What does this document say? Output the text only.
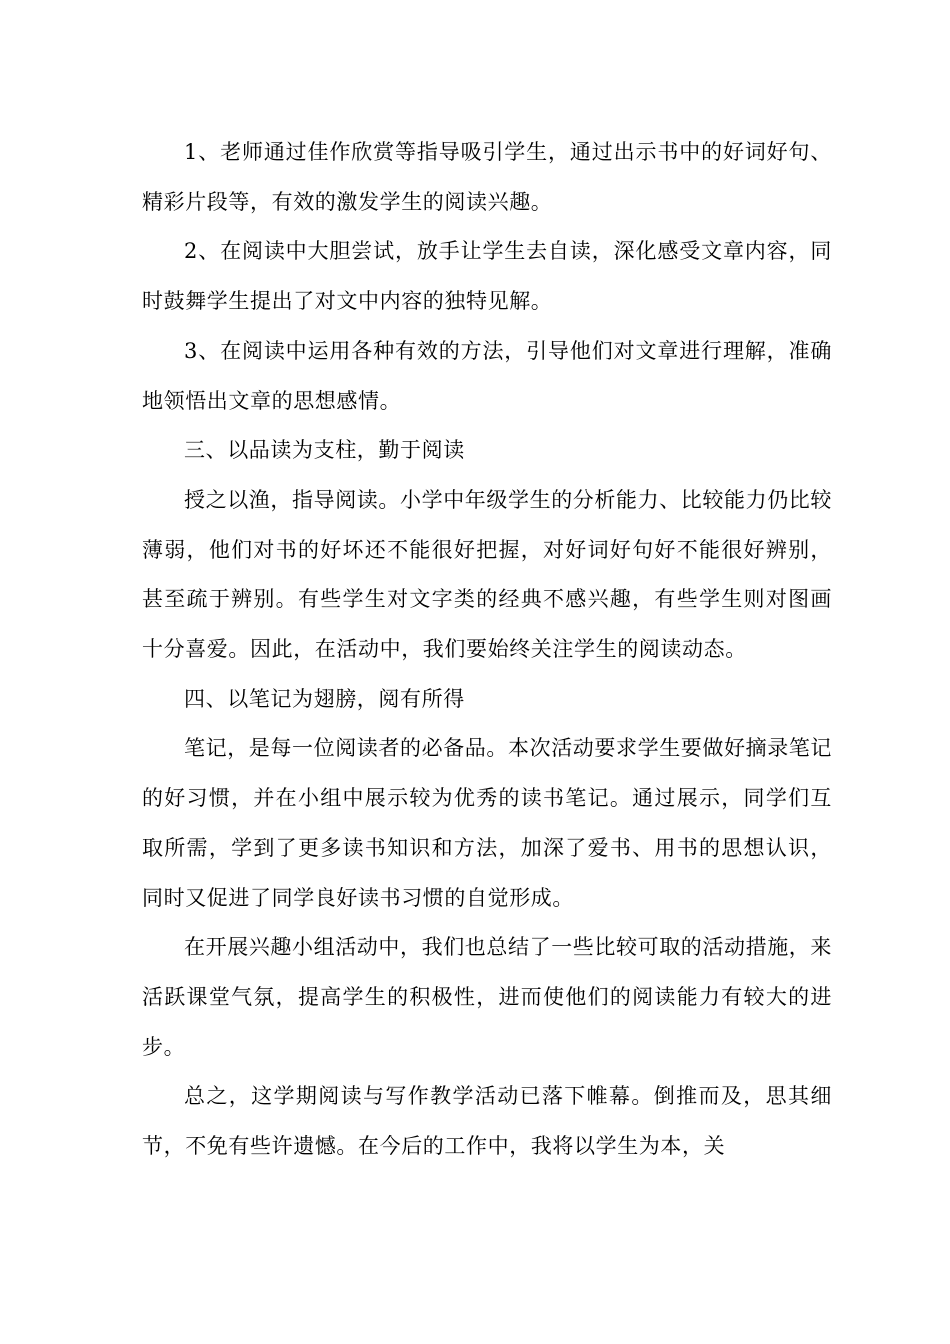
1、老师通过佳作欣赏等指导吸引学生，通过出示书中的好词好句、精彩片段等，有效的激发学生的阅读兴趣。

2、在阅读中大胆尝试，放手让学生去自读，深化感受文章内容，同时鼓舞学生提出了对文中内容的独特见解。

3、在阅读中运用各种有效的方法，引导他们对文章进行理解，准确地领悟出文章的思想感情。

三、以品读为支柱，勤于阅读

授之以渔，指导阅读。小学中年级学生的分析能力、比较能力仍比较薄弱，他们对书的好坏还不能很好把握，对好词好句好不能很好辨别，甚至疏于辨别。有些学生对文字类的经典不感兴趣，有些学生则对图画十分喜爱。因此，在活动中，我们要始终关注学生的阅读动态。

四、以笔记为翅膀，阅有所得

笔记，是每一位阅读者的必备品。本次活动要求学生要做好摘录笔记的好习惯，并在小组中展示较为优秀的读书笔记。通过展示，同学们互取所需，学到了更多读书知识和方法，加深了爱书、用书的思想认识，同时又促进了同学良好读书习惯的自觉形成。

在开展兴趣小组活动中，我们也总结了一些比较可取的活动措施，来活跃课堂气氛，提高学生的积极性，进而使他们的阅读能力有较大的进步。

总之，这学期阅读与写作教学活动已落下帷幕。倒推而及，思其细节，不免有些许遗憾。在今后的工作中，我将以学生为本，关
